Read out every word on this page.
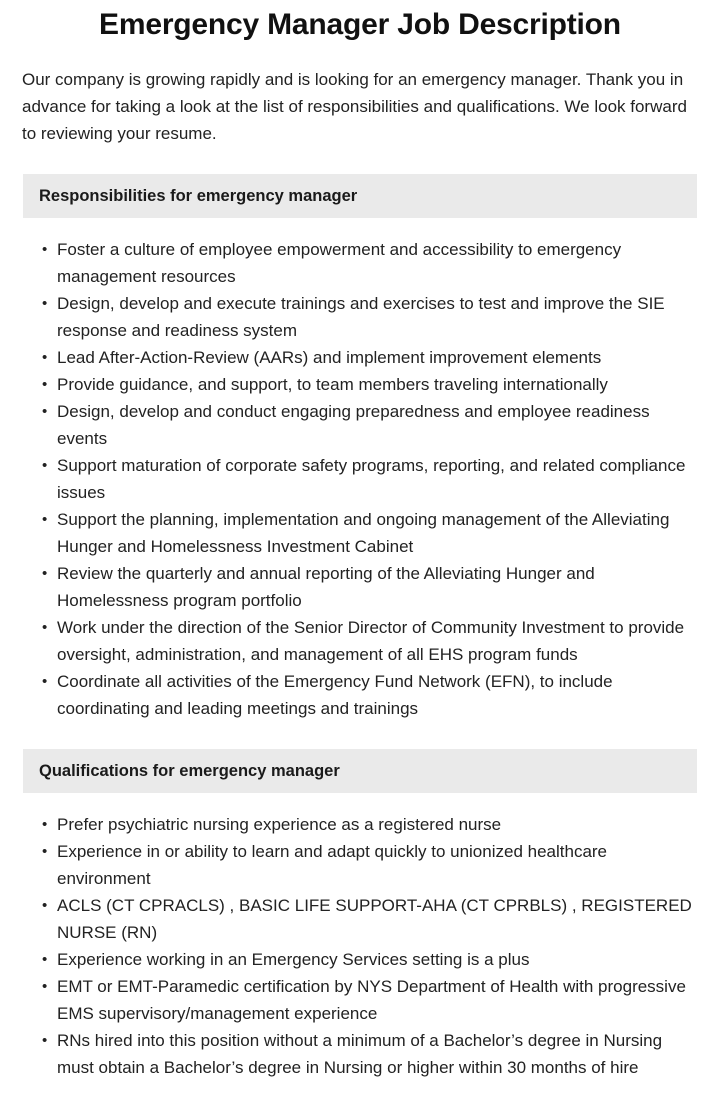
Emergency Manager Job Description

Our company is growing rapidly and is looking for an emergency manager. Thank you in advance for taking a look at the list of responsibilities and qualifications. We look forward to reviewing your resume.

Responsibilities for emergency manager
• Foster a culture of employee empowerment and accessibility to emergency management resources
• Design, develop and execute trainings and exercises to test and improve the SIE response and readiness system
• Lead After-Action-Review (AARs) and implement improvement elements
• Provide guidance, and support, to team members traveling internationally
• Design, develop and conduct engaging preparedness and employee readiness events
• Support maturation of corporate safety programs, reporting, and related compliance issues
• Support the planning, implementation and ongoing management of the Alleviating Hunger and Homelessness Investment Cabinet
• Review the quarterly and annual reporting of the Alleviating Hunger and Homelessness program portfolio
• Work under the direction of the Senior Director of Community Investment to provide oversight, administration, and management of all EHS program funds
• Coordinate all activities of the Emergency Fund Network (EFN), to include coordinating and leading meetings and trainings
Qualifications for emergency manager
• Prefer psychiatric nursing experience as a registered nurse
• Experience in or ability to learn and adapt quickly to unionized healthcare environment
• ACLS (CT CPRACLS) , BASIC LIFE SUPPORT-AHA (CT CPRBLS) , REGISTERED NURSE (RN)
• Experience working in an Emergency Services setting is a plus
• EMT or EMT-Paramedic certification by NYS Department of Health with progressive EMS supervisory/management experience
• RNs hired into this position without a minimum of a Bachelor’s degree in Nursing must obtain a Bachelor’s degree in Nursing or higher within 30 months of hire
